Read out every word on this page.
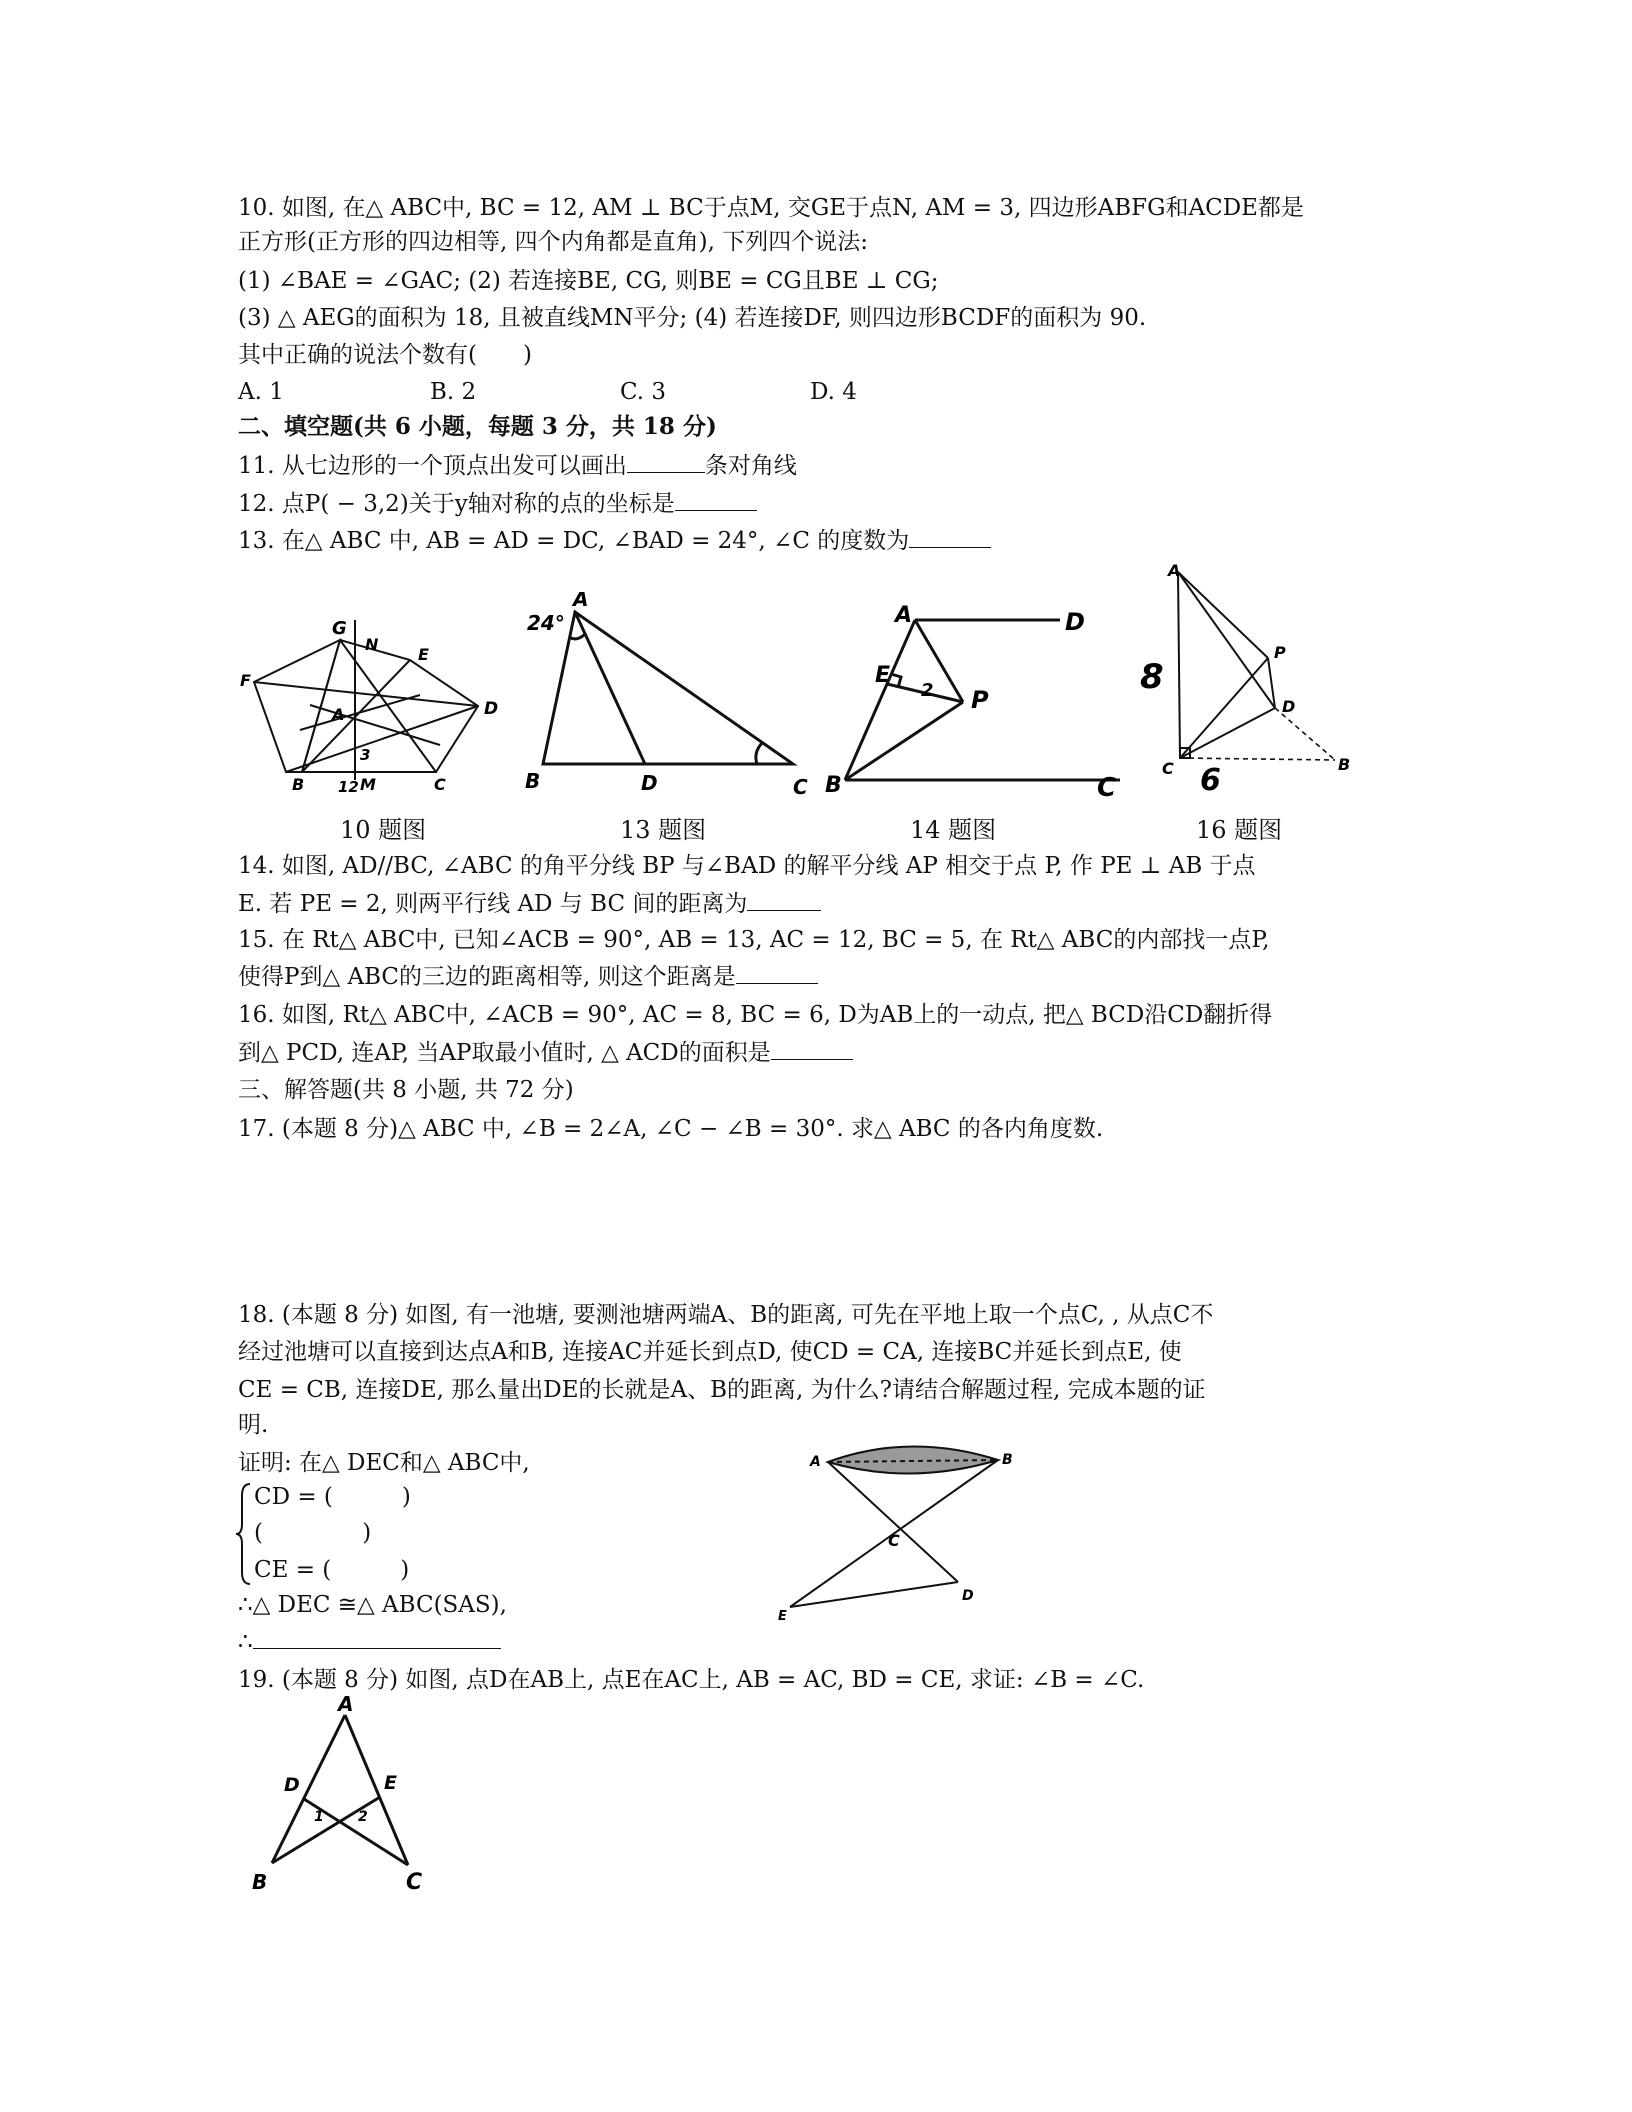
10. 如图, 在△ ABC中, BC = 12, AM ⊥ BC于点M, 交GE于点N, AM = 3, 四边形ABFG和ACDE都是
正方形(正方形的四边相等, 四个内角都是直角), 下列四个说法:
(1) ∠BAE = ∠GAC; (2) 若连接BE, CG, 则BE = CG且BE ⊥ CG;
(3) △ AEG的面积为 18, 且被直线MN平分; (4) 若连接DF, 则四边形BCDF的面积为 90.
其中正确的说法个数有(　　)
A. 1	B. 2	C. 3	D. 4
二、填空题(共 6 小题，每题 3 分，共 18 分)
11. 从七边形的一个顶点出发可以画出	条对角线
12. 点P( − 3,2)关于y轴对称的点的坐标是
13. 在△ ABC 中, AB = AD = DC, ∠BAD = 24°, ∠C 的度数为
G
N
E
F
A	D
B	M	C
3
12
A
24°
B	D	C
A	D
E
P
2
B	C
A
P
D
8
C 6	B
10 题图	13 题图	14 题图	16 题图
14. 如图, AD//BC, ∠ABC 的角平分线 BP 与∠BAD 的解平分线 AP 相交于点 P, 作 PE ⊥ AB 于点
E. 若 PE = 2, 则两平行线 AD 与 BC 间的距离为
15. 在 Rt△ ABC中, 已知∠ACB = 90°, AB = 13, AC = 12, BC = 5, 在 Rt△ ABC的内部找一点P,
使得P到△ ABC的三边的距离相等, 则这个距离是
16. 如图, Rt△ ABC中, ∠ACB = 90°, AC = 8, BC = 6, D为AB上的一动点, 把△ BCD沿CD翻折得
到△ PCD, 连AP, 当AP取最小值时, △ ACD的面积是
三、解答题(共 8 小题, 共 72 分)
17. (本题 8 分)△ ABC 中, ∠B = 2∠A, ∠C − ∠B = 30°. 求△ ABC 的各内角度数.
18. (本题 8 分) 如图, 有一池塘, 要测池塘两端A、B的距离, 可先在平地上取一个点C, , 从点C不
经过池塘可以直接到达点A和B, 连接AC并延长到点D, 使CD = CA, 连接BC并延长到点E, 使
CE = CB, 连接DE, 那么量出DE的长就是A、B的距离, 为什么?请结合解题过程, 完成本题的证
明.
证明: 在△ DEC和△ ABC中,
CD = (　　　)
(　　　　 )
CE = (　　　)
∴△ DEC ≅△ ABC(SAS),
∴
A	B
C
E
D
19. (本题 8 分) 如图, 点D在AB上, 点E在AC上, AB = AC, BD = CE, 求证: ∠B = ∠C.
A
D	E
1 2
B	C
